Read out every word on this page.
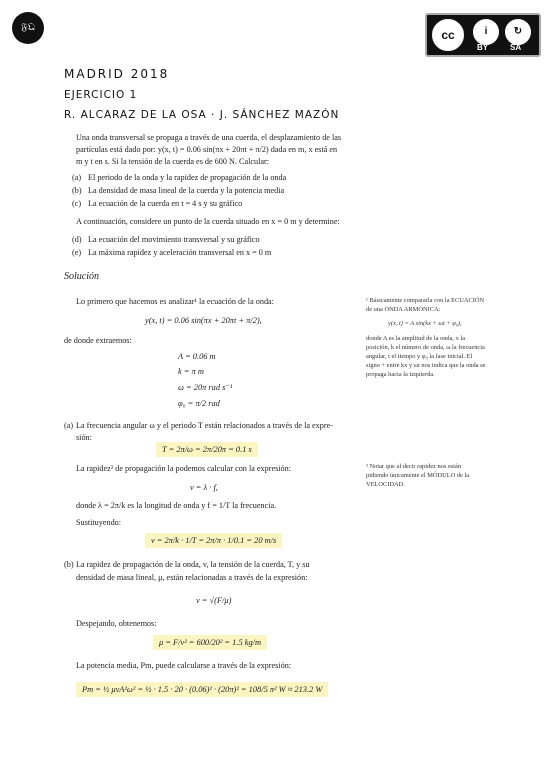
𝔉𝔔
cc	i	↻
BY	SA
MADRID 2018
EJERCICIO 1
R. ALCARAZ DE LA OSA · J. SÁNCHEZ MAZÓN
Una onda transversal se propaga a través de una cuerda, el desplazamiento de las
partículas está dado por: y(x, t) = 0.06 sin(πx + 20πt + π/2) dada en m, x está en
m y t en s. Si la tensión de la cuerda es de 600 N. Calcular:
(a) El periodo de la onda y la rapidez de propagación de la onda
(b) La densidad de masa lineal de la cuerda y la potencia media
(c) La ecuación de la cuerda en t = 4 s y su gráfico
A continuación, considere un punto de la cuerda situado en x = 0 m y determine:
(d) La ecuación del movimiento transversal y su gráfico
(e) La máxima rapidez y aceleración transversal en x = 0 m
Solución
Lo primero que hacemos es analizar¹ la ecuación de la onda:
y(x, t) = 0.06 sin(πx + 20πt + π/2),
de donde extraemos:
A = 0.06 m
k = π m
ω = 20π rad s⁻¹
φ₀ = π/2 rad
(a) La frecuencia angular ω y el periodo T están relacionados a través de la expre-
sión:
T = 2π/ω = 2π/20π = 0.1 s
La rapidez² de propagación la podemos calcular con la expresión:
v = λ · f,
donde λ = 2π/k es la longitud de onda y f = 1/T la frecuencia.
Sustituyendo:
v = 2π/k · 1/T = 2π/π · 1/0.1 = 20 m/s
(b) La rapidez de propagación de la onda, v, la tensión de la cuerda, T, y su
densidad de masa lineal, μ, están relacionadas a través de la expresión:
v = √(F/μ)
Despejando, obtenemos:
μ = F/v² = 600/20² = 1.5 kg/m
La potencia media, Pm, puede calcularse a través de la expresión:
Pm = ½ μvA²ω² = ½ · 1.5 · 20 · (0.06)² · (20π)² = 108/5 π² W ≈ 213.2 W
¹ Básicamente compararla con la ECUACIÓN
de una ONDA ARMÓNICA:
y(x, t) = A sin(kx + ωt + φ₀),
donde A es la amplitud de la onda, x la
posición, k el número de onda, ω la frecuencia
angular, t el tiempo y φ₀ la fase inicial. El
signo + entre kx y ωt nos indica que la onda se
propaga hacia la izquierda.
² Notar que al decir rapidez nos están
pidiendo únicamente el MÓDULO de la
VELOCIDAD.
